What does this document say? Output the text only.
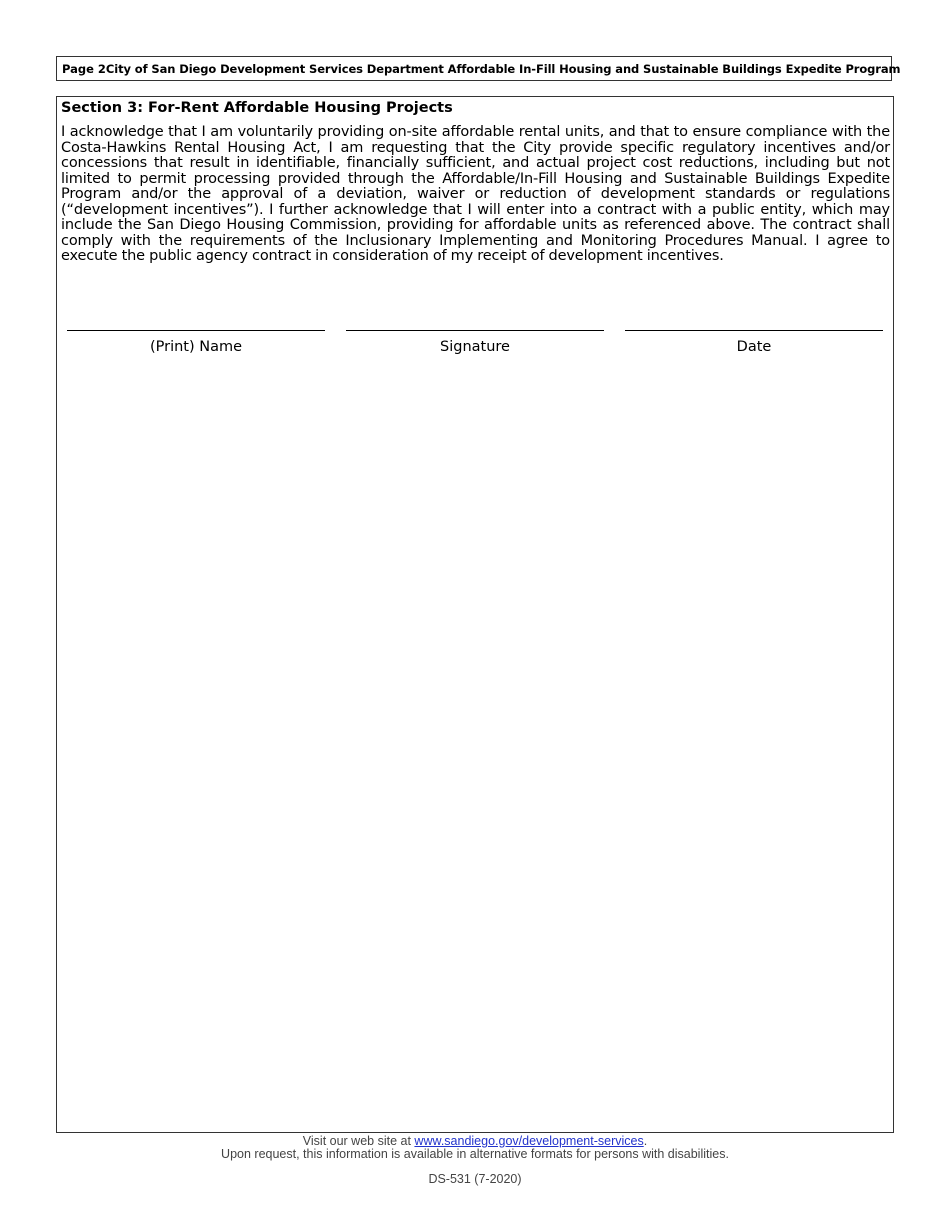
Page 2 City of San Diego Development Services Department Affordable In-Fill Housing and Sustainable Buildings Expedite Program
Section 3: For-Rent Affordable Housing Projects
I acknowledge that I am voluntarily providing on-site affordable rental units, and that to ensure compliance with the Costa-Hawkins Rental Housing Act, I am requesting that the City provide specific regulatory incentives and/or concessions that result in identifiable, financially sufficient, and actual project cost reductions, including but not limited to permit processing provided through the Affordable/In-Fill Housing and Sustainable Buildings Expedite Program and/or the approval of a deviation, waiver or reduction of development standards or regulations (“development incentives”). I further acknowledge that I will enter into a contract with a public entity, which may include the San Diego Housing Commission, providing for affordable units as referenced above. The contract shall comply with the requirements of the Inclusionary Implementing and Monitoring Procedures Manual. I agree to execute the public agency contract in consideration of my receipt of development incentives.
(Print) Name	Signature	Date
Visit our web site at www.sandiego.gov/development-services.
Upon request, this information is available in alternative formats for persons with disabilities.
DS-531 (7-2020)
